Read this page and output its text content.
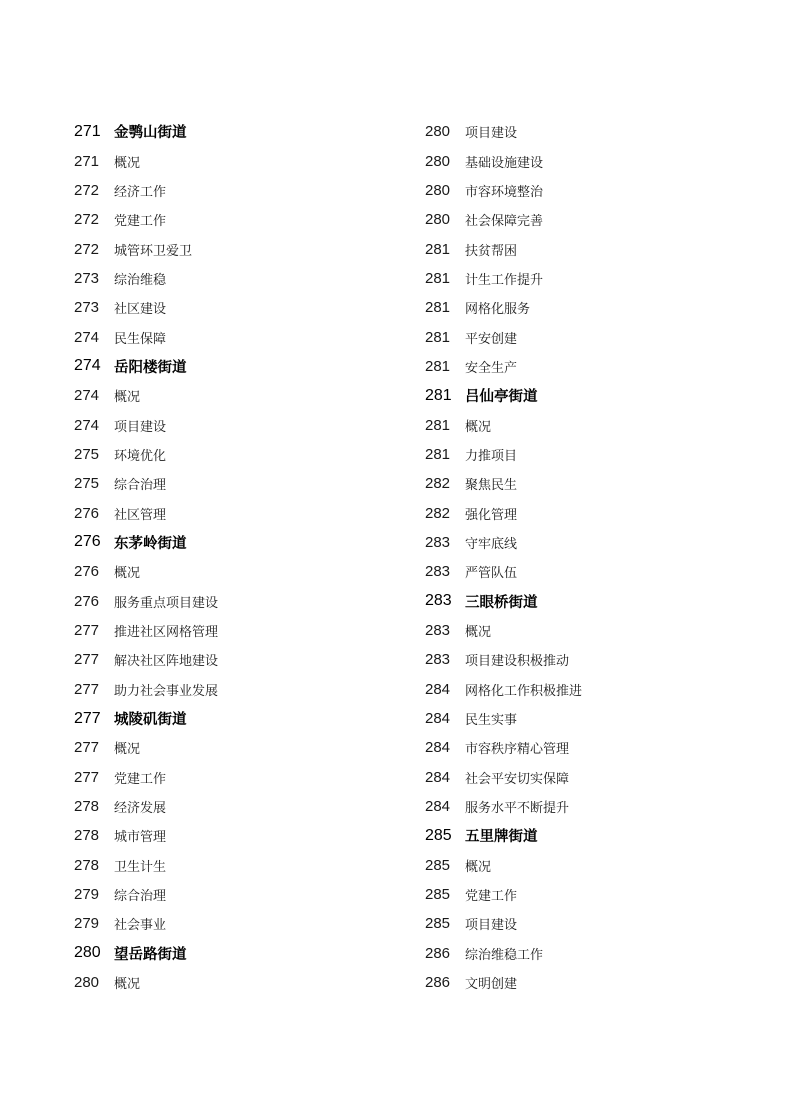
271 金鹗山街道
271	概况
272	经济工作
272	党建工作
272	城管环卫爱卫
273	综治维稳
273	社区建设
274	民生保障
274 岳阳楼街道
274	概况
274	项目建设
275	环境优化
275	综合治理
276	社区管理
276 东茅岭街道
276	概况
276	服务重点项目建设
277	推进社区网格管理
277	解决社区阵地建设
277	助力社会事业发展
277 城陵矶街道
277	概况
277	党建工作
278	经济发展
278	城市管理
278	卫生计生
279	综合治理
279	社会事业
280 望岳路街道
280	概况
280	项目建设
280	基础设施建设
280	市容环境整治
280	社会保障完善
281	扶贫帮困
281	计生工作提升
281	网格化服务
281	平安创建
281	安全生产
281 吕仙亭街道
281	概况
281	力推项目
282	聚焦民生
282	强化管理
283	守牢底线
283	严管队伍
283 三眼桥街道
283	概况
283	项目建设积极推动
284	网格化工作积极推进
284	民生实事
284	市容秩序精心管理
284	社会平安切实保障
284	服务水平不断提升
285 五里牌街道
285	概况
285	党建工作
285	项目建设
286	综治维稳工作
286	文明创建
